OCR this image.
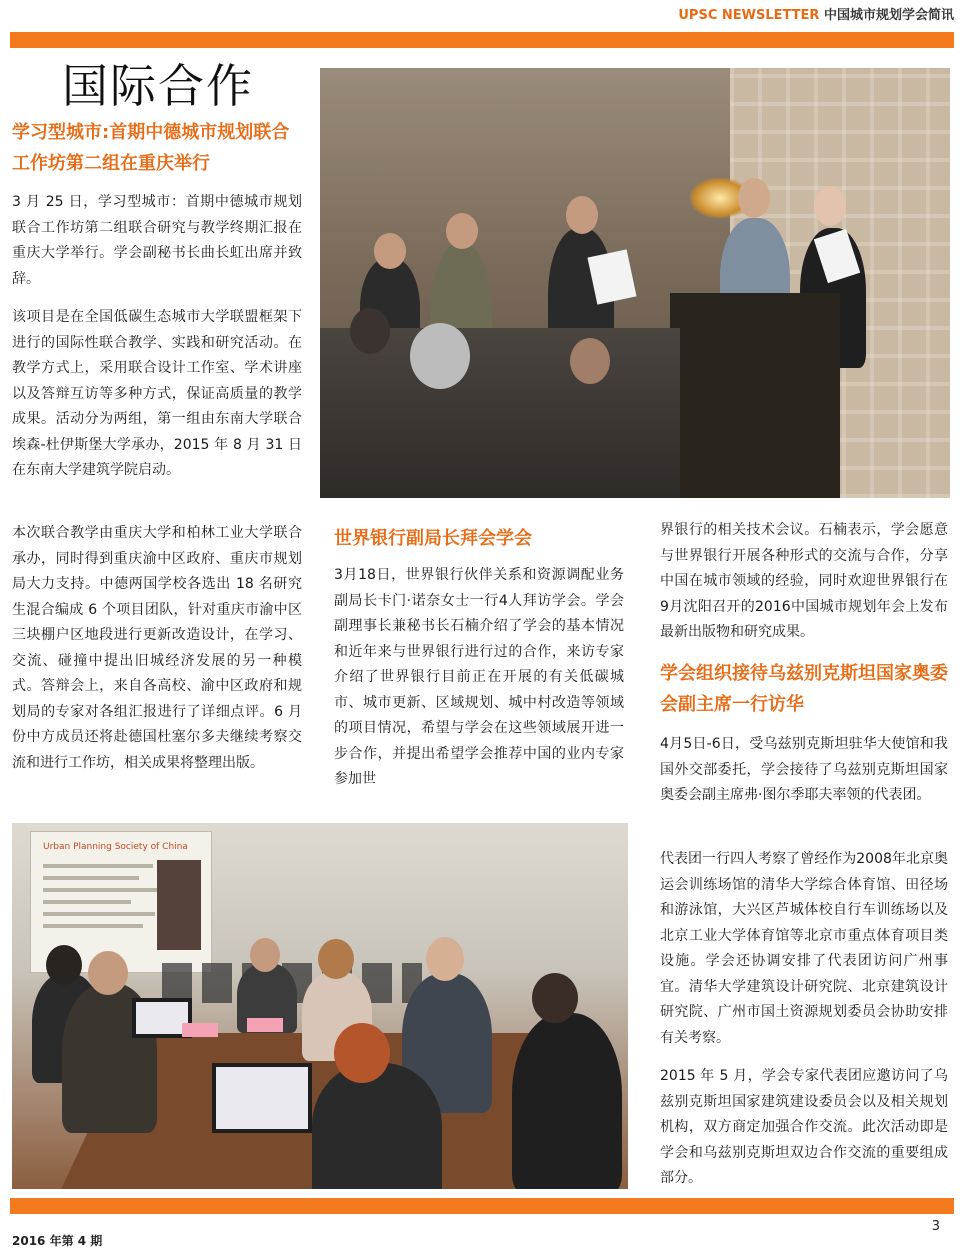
UPSC NEWSLETTER 中国城市规划学会简讯
国际合作
学习型城市:首期中德城市规划联合工作坊第二组在重庆举行

3 月 25 日，学习型城市：首期中德城市规划联合工作坊第二组联合研究与教学终期汇报在重庆大学举行。学会副秘书长曲长虹出席并致辞。

该项目是在全国低碳生态城市大学联盟框架下进行的国际性联合教学、实践和研究活动。在教学方式上，采用联合设计工作室、学术讲座以及答辩互访等多种方式，保证高质量的教学成果。活动分为两组，第一组由东南大学联合埃森-杜伊斯堡大学承办，2015 年 8 月 31 日在东南大学建筑学院启动。

本次联合教学由重庆大学和柏林工业大学联合承办，同时得到重庆渝中区政府、重庆市规划局大力支持。中德两国学校各选出 18 名研究生混合编成 6 个项目团队，针对重庆市渝中区三块棚户区地段进行更新改造设计，在学习、交流、碰撞中提出旧城经济发展的另一种模式。答辩会上，来自各高校、渝中区政府和规划局的专家对各组汇报进行了详细点评。6 月份中方成员还将赴德国杜塞尔多夫继续考察交流和进行工作坊，相关成果将整理出版。

世界银行副局长拜会学会

3月18日，世界银行伙伴关系和资源调配业务副局长卡门·诺奈女士一行4人拜访学会。学会副理事长兼秘书长石楠介绍了学会的基本情况和近年来与世界银行进行过的合作，来访专家介绍了世界银行目前正在开展的有关低碳城市、城市更新、区域规划、城中村改造等领域的项目情况，希望与学会在这些领域展开进一步合作，并提出希望学会推荐中国的业内专家参加世

界银行的相关技术会议。石楠表示，学会愿意与世界银行开展各种形式的交流与合作，分享中国在城市领域的经验，同时欢迎世界银行在9月沈阳召开的2016中国城市规划年会上发布最新出版物和研究成果。

学会组织接待乌兹别克斯坦国家奥委会副主席一行访华

4月5日-6日，受乌兹别克斯坦驻华大使馆和我国外交部委托，学会接待了乌兹别克斯坦国家奥委会副主席弗·图尔季耶夫率领的代表团。

代表团一行四人考察了曾经作为2008年北京奥运会训练场馆的清华大学综合体育馆、田径场和游泳馆，大兴区芦城体校自行车训练场以及北京工业大学体育馆等北京市重点体育项目类设施。学会还协调安排了代表团访问广州事宜。清华大学建筑设计研究院、北京建筑设计研究院、广州市国土资源规划委员会协助安排有关考察。

2015 年 5 月，学会专家代表团应邀访问了乌兹别克斯坦国家建筑建设委员会以及相关规划机构，双方商定加强合作交流。此次活动即是学会和乌兹别克斯坦双边合作交流的重要组成部分。

Urban Planning Society of China
3
2016 年第 4 期
